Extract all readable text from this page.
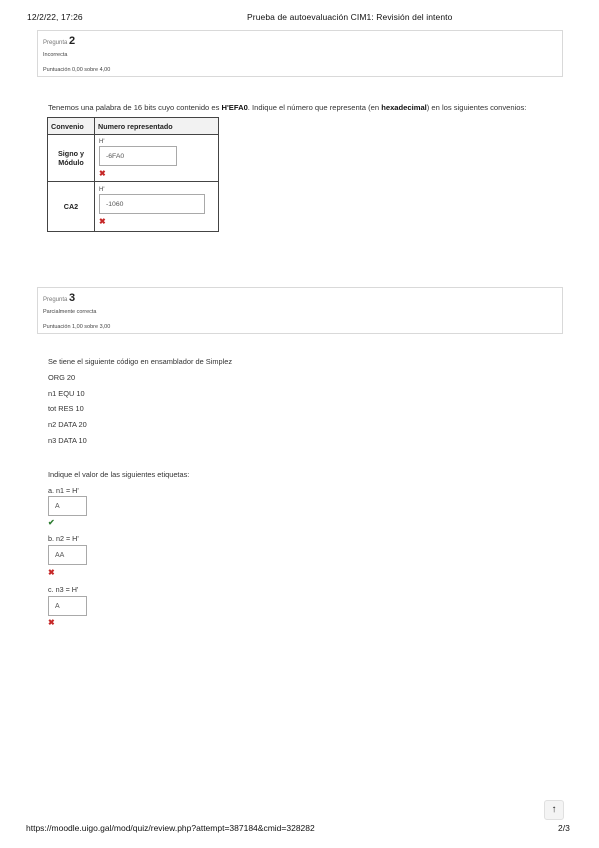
12/2/22, 17:26	Prueba de autoevaluación CIM1: Revisión del intento
Pregunta 2
Incorrecta
Puntuación 0,00 sobre 4,00
Tenemos una palabra de 16 bits cuyo contenido es H'EFA0. Indique el número que representa (en hexadecimal) en los siguientes convenios:
Convenio	Numero representado
Signo y Módulo	H'
-6FA0
✖

CA2	H'
-1060
✖
Pregunta 3
Parcialmente correcta
Puntuación 1,00 sobre 3,00
Se tiene el siguiente código en ensamblador de Simplez
ORG 20
n1 EQU 10
tot RES 10
n2 DATA 20
n3 DATA 10
Indique el valor de las siguientes etiquetas:
a. n1 = H'
A
✔
b. n2 = H'
AA
✖
c. n3 = H'
A
✖
↑
https://moodle.uigo.gal/mod/quiz/review.php?attempt=387184&cmid=328282	2/3
